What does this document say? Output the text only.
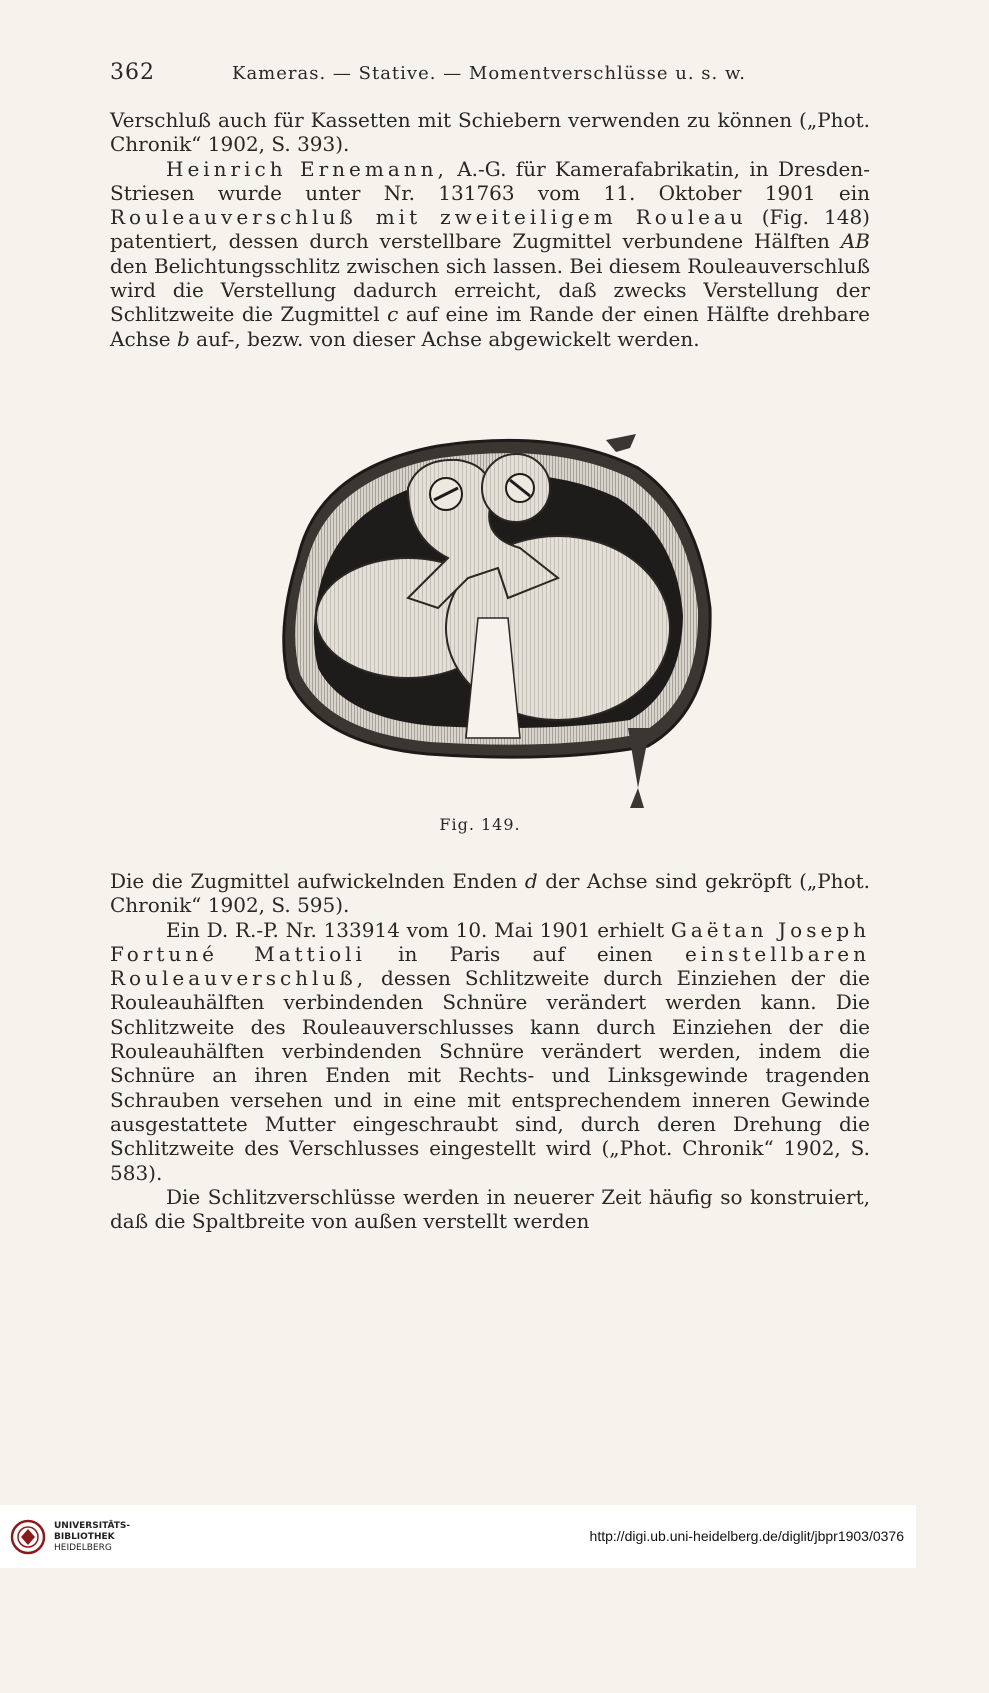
362	Kameras. — Stative. — Momentverschlüsse u. s. w.

Verschluß auch für Kassetten mit Schiebern verwenden zu können („Phot. Chronik“ 1902, S. 393).

Heinrich Ernemann, A.-G. für Kamerafabrikatin, in Dresden-Striesen wurde unter Nr. 131763 vom 11. Oktober 1901 ein Rouleauverschluß mit zweiteiligem Rouleau (Fig. 148) patentiert, dessen durch verstellbare Zugmittel verbundene Hälften AB den Belichtungsschlitz zwischen sich lassen. Bei diesem Rouleauverschluß wird die Verstellung dadurch erreicht, daß zwecks Verstellung der Schlitzweite die Zugmittel c auf eine im Rande der einen Hälfte drehbare Achse b auf-, bezw. von dieser Achse abgewickelt werden.

Fig. 149.

Die die Zugmittel aufwickelnden Enden d der Achse sind gekröpft („Phot. Chronik“ 1902, S. 595).

Ein D. R.-P. Nr. 133914 vom 10. Mai 1901 erhielt Gaëtan Joseph Fortuné Mattioli in Paris auf einen einstellbaren Rouleauverschluß, dessen Schlitzweite durch Einziehen der die Rouleauhälften verbindenden Schnüre verändert werden kann. Die Schlitzweite des Rouleauverschlusses kann durch Einziehen der die Rouleauhälften verbindenden Schnüre verändert werden, indem die Schnüre an ihren Enden mit Rechts- und Linksgewinde tragenden Schrauben versehen und in eine mit entsprechendem inneren Gewinde ausgestattete Mutter eingeschraubt sind, durch deren Drehung die Schlitzweite des Verschlusses eingestellt wird („Phot. Chronik“ 1902, S. 583).

Die Schlitzverschlüsse werden in neuerer Zeit häufig so konstruiert, daß die Spaltbreite von außen verstellt werden

UNIVERSITÄTS-
BIBLIOTHEK
HEIDELBERG
http://digi.ub.uni-heidelberg.de/diglit/jbpr1903/0376
